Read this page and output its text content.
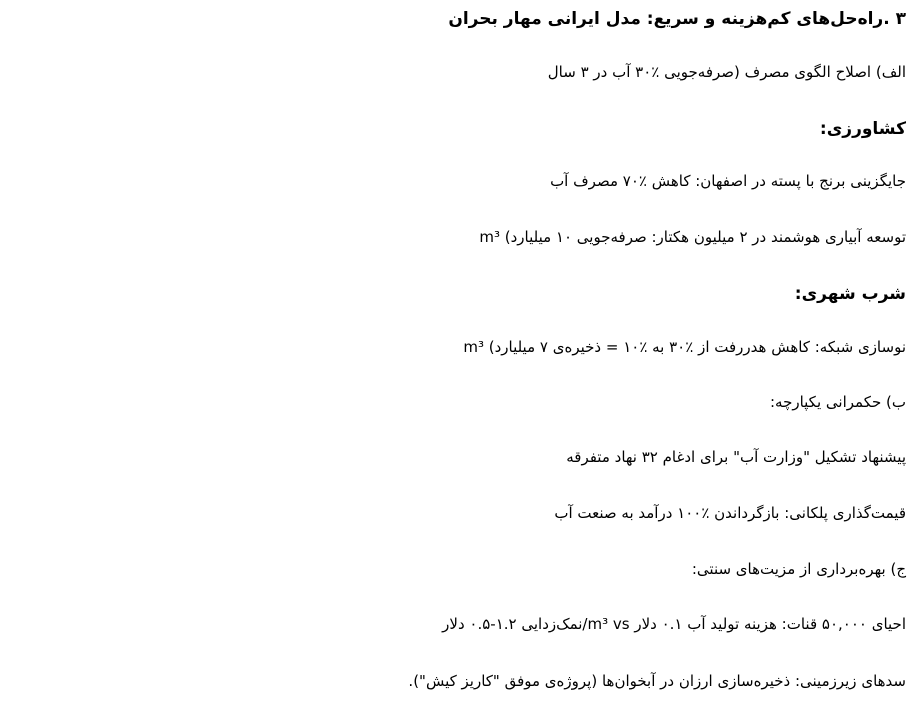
۳ .راه‌حل‌های کم‌هزینه و سریع: مدل ایرانی مهار بحران
الف) اصلاح الگوی مصرف (صرفه‌جویی ٪۳۰ آب در ۳ سال
کشاورزی:
جایگزینی برنج با پسته در اصفهان: کاهش ٪۷۰ مصرف آب
توسعه آبیاری هوشمند در ۲ میلیون هکتار: صرفه‌جویی ۱۰ میلیارد) m³
شرب شهری:
نوسازی شبکه: کاهش هدررفت از ٪۳۰ به ٪۱۰ = ذخیره‌ی ۷ میلیارد) m³
ب) حکمرانی یکپارچه:
پیشنهاد تشکیل "وزارت آب" برای ادغام ۳۲ نهاد متفرقه
قیمت‌گذاری پلکانی: بازگرداندن ٪۱۰۰ درآمد به صنعت آب
ج) بهره‌برداری از مزیت‌های سنتی:
احیای ۵۰,۰۰۰ قنات: هزینه تولید آب ۰.۱ دلار m³ vs/نمک‌زدایی ۱.۲-۰.۵ دلار
سدهای زیرزمینی: ذخیره‌سازی ارزان در آبخوان‌ها (پروژه‌ی موفق "کاریز کیش").
